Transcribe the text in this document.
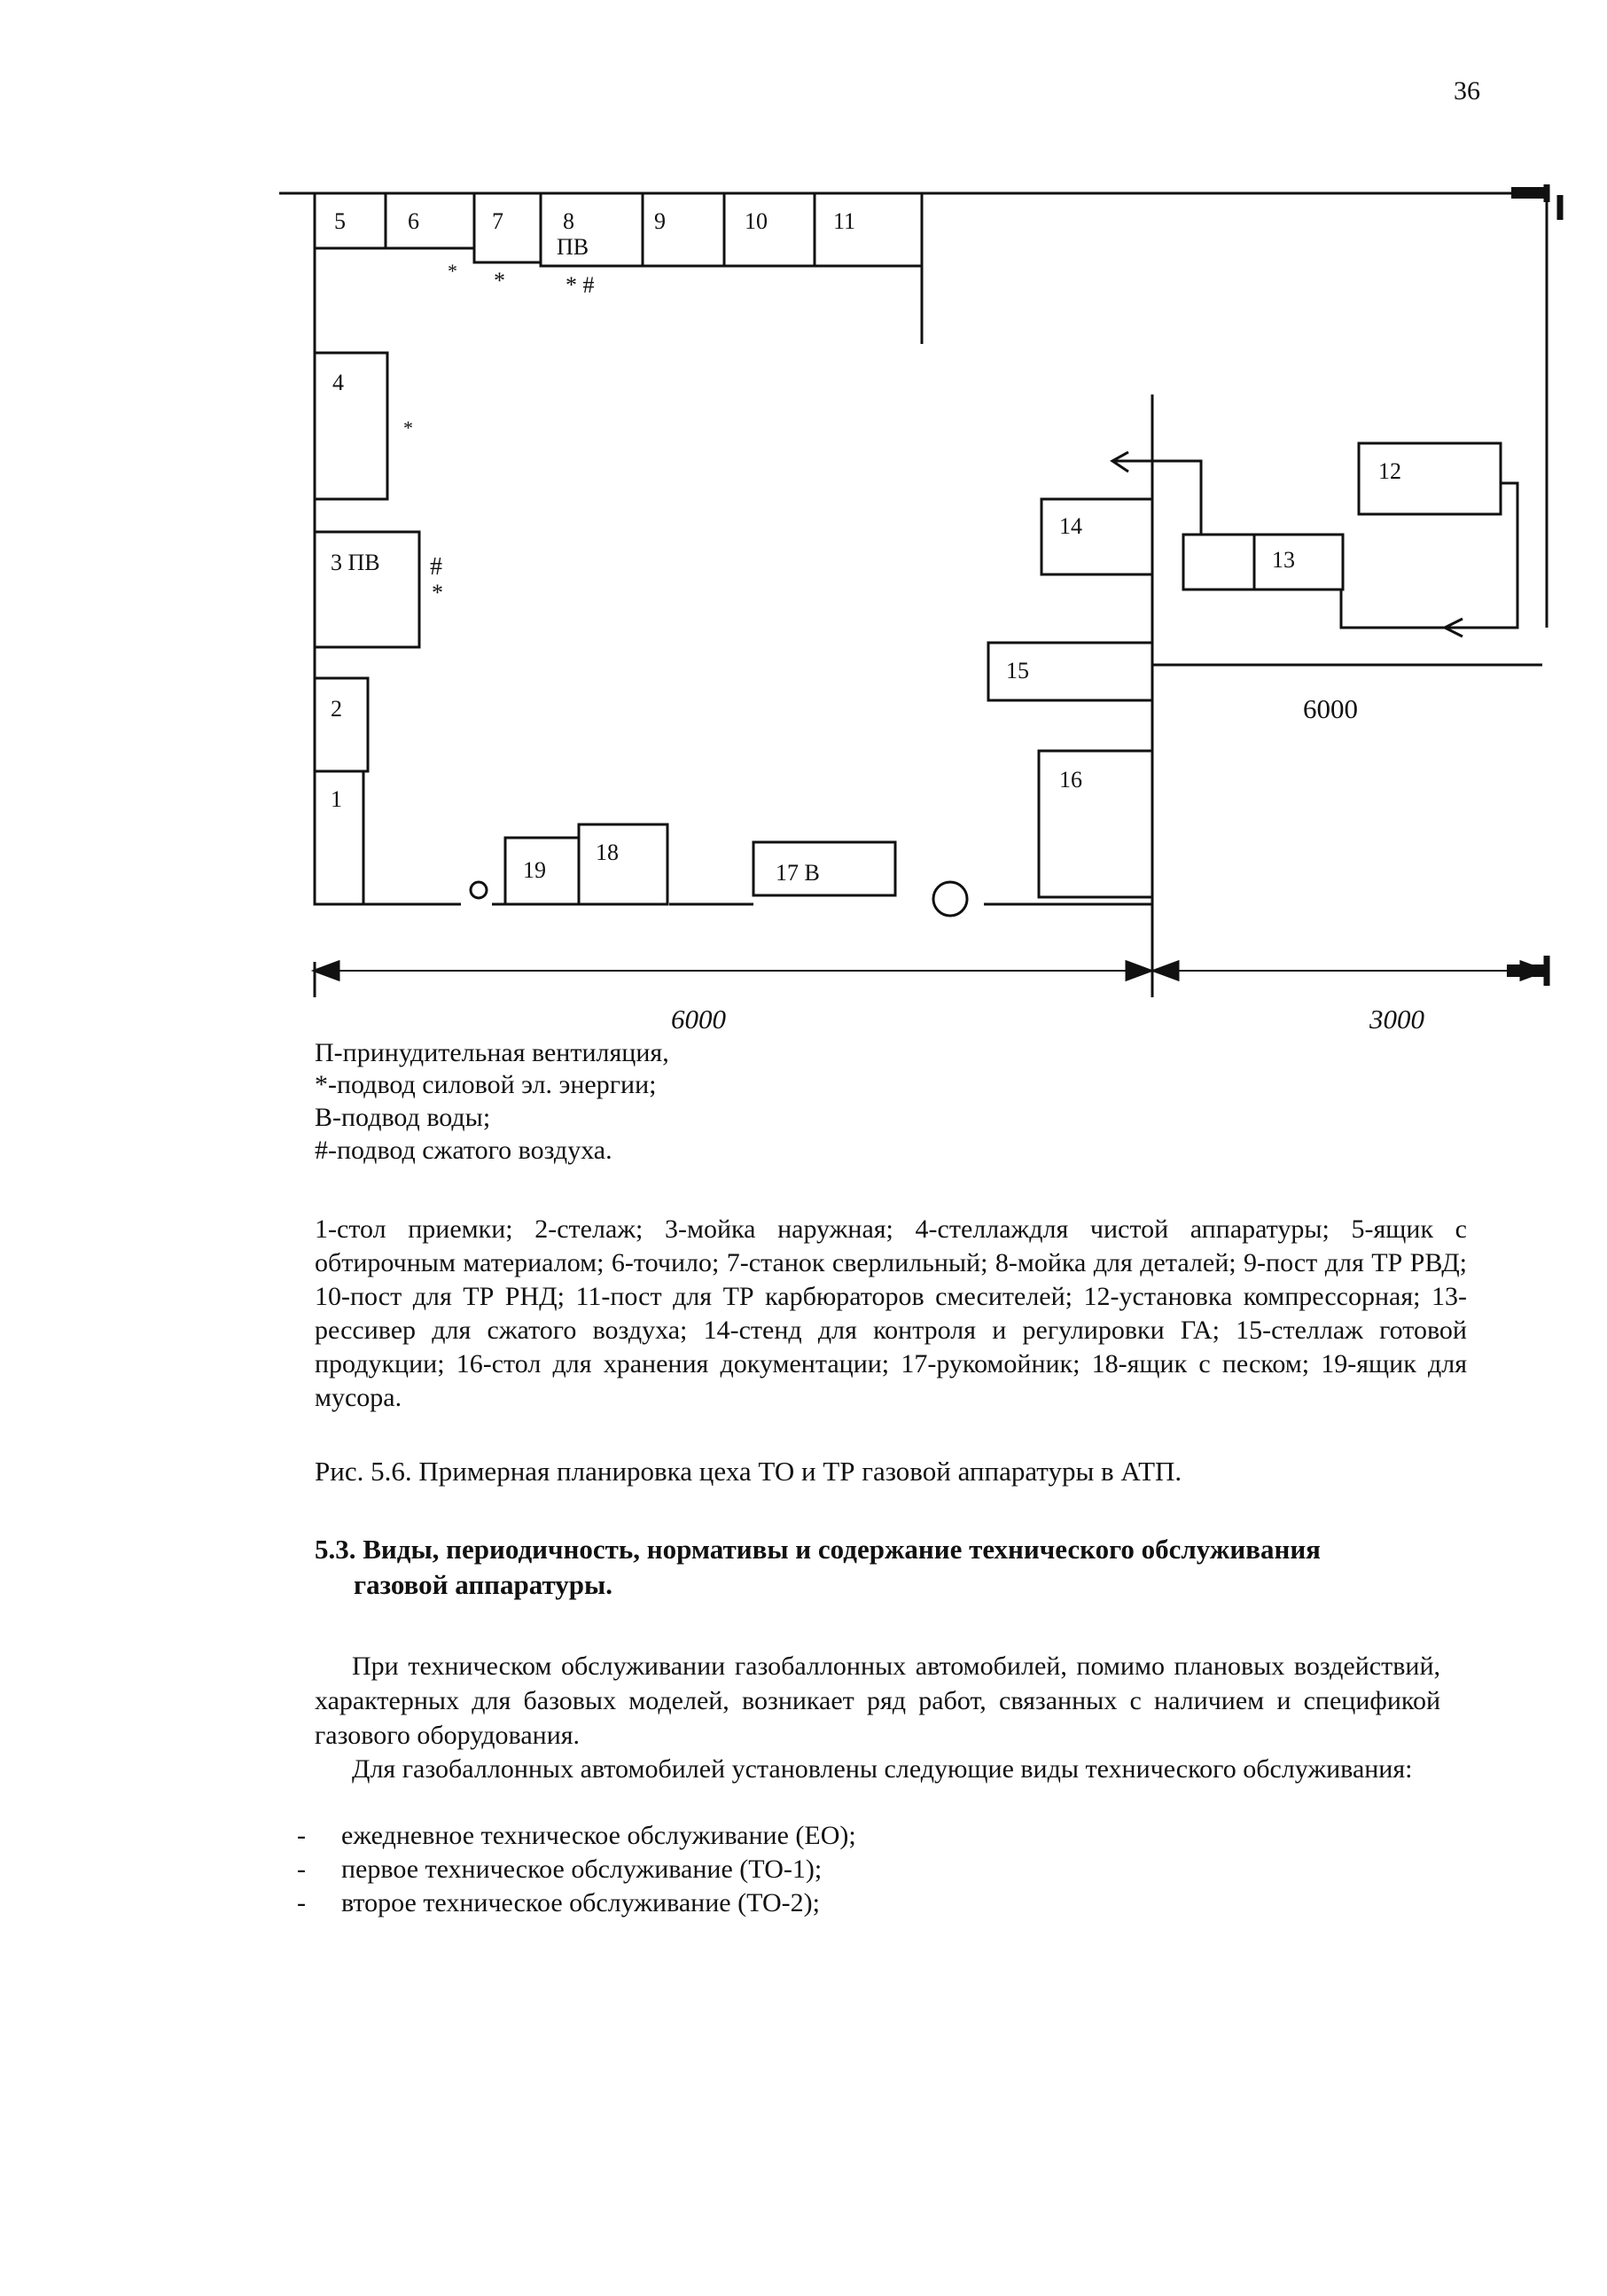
36
5	6	7	8
ПВ
9	10	11
4
3 ПВ
2
1
19
18
17 В
14
15
16
13
12
* *	* #
*
#
*
6000
6000	3000
П-принудительная вентиляция,
*-подвод силовой эл. энергии;
В-подвод воды;
#-подвод сжатого воздуха.
1-стол приемки; 2-стелаж; 3-мойка наружная; 4-стеллаждля чистой аппаратуры; 5-ящик с обтирочным материалом; 6-точило; 7-станок сверлильный; 8-мойка для деталей; 9-пост для ТР РВД; 10-пост для ТР РНД; 11-пост для ТР карбюраторов смесителей; 12-установка компрессорная; 13-рессивер для сжатого воздуха; 14-стенд для контроля и регулировки ГА; 15-стеллаж готовой продукции; 16-стол для хранения документации; 17-рукомойник; 18-ящик с песком; 19-ящик для мусора.
Рис. 5.6. Примерная планировка цеха ТО и ТР газовой аппаратуры в АТП.
5.3. Виды, периодичность, нормативы и содержание технического обслуживания
газовой аппаратуры.
При техническом обслуживании газобаллонных автомобилей, помимо плановых воздействий, характерных для базовых моделей, возникает ряд работ, связанных с наличием и спецификой газового оборудования.
Для газобаллонных автомобилей установлены следующие виды технического обслуживания:
- ежедневное техническое обслуживание (ЕО);
- первое техническое обслуживание (ТО-1);
- второе техническое обслуживание (ТО-2);
